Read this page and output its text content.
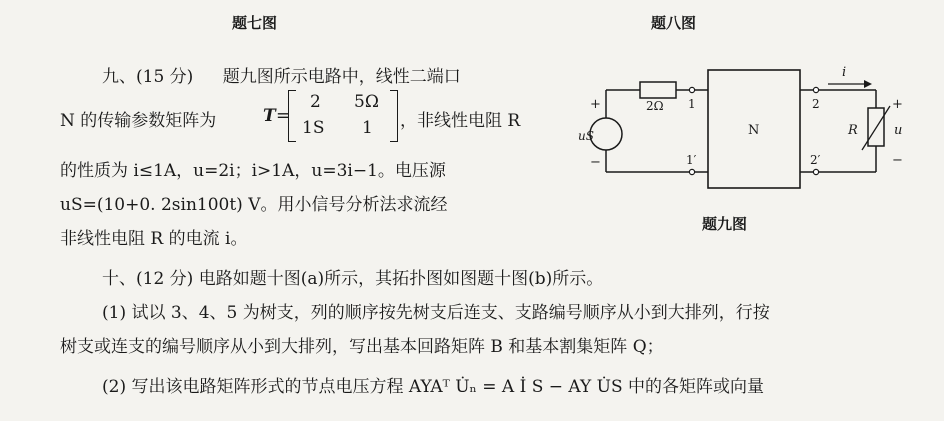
题七图	题八图
九、(15 分) 题九图所示电路中，线性二端口
N 的传输参数矩阵为	T =
2 5Ω
1S 1 ，非线性电阻 R
的性质为 i≤1A，u=2i；i>1A，u=3i−1。电压源
uS=(10+0. 2sin100t) V。用小信号分析法求流经
非线性电阻 R 的电流 i。
2Ω 1
1′
2
2′
N
+
uS
−
i
R
+
u
−
题九图
十、(12 分) 电路如题十图(a)所示，其拓扑图如图题十图(b)所示。
(1) 试以 3、4、5 为树支，列的顺序按先树支后连支、支路编号顺序从小到大排列，行按
树支或连支的编号顺序从小到大排列，写出基本回路矩阵 B 和基本割集矩阵 Q；
(2) 写出该电路矩阵形式的节点电压方程 AYAᵀ U̇ₙ = A İ S − AY U̇S 中的各矩阵或向量
